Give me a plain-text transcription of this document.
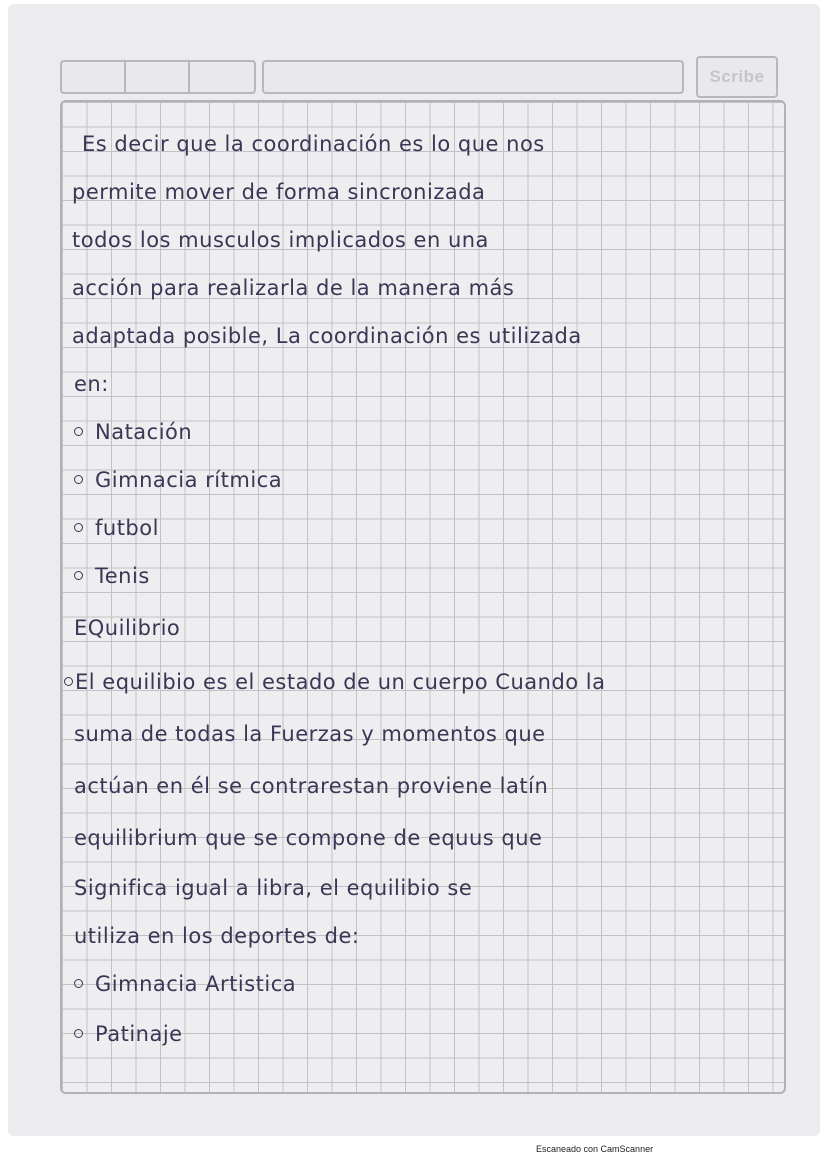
Scribe
Es decir que la coordinación es lo que nos
permite mover de forma sincronizada
todos los musculos implicados en una
acción para realizarla de la manera más
adaptada posible, La coordinación es utilizada
en:
Natación
Gimnacia rítmica
futbol
Tenis
EQuilibrio
El equilibio es el estado de un cuerpo Cuando la
suma de todas la Fuerzas y momentos que
actúan en él se contrarestan proviene latín
equilibrium que se compone de equus que
Significa igual a libra, el equilibio se
utiliza en los deportes de:
Gimnacia Artistica
Patinaje
Escaneado con CamScanner
